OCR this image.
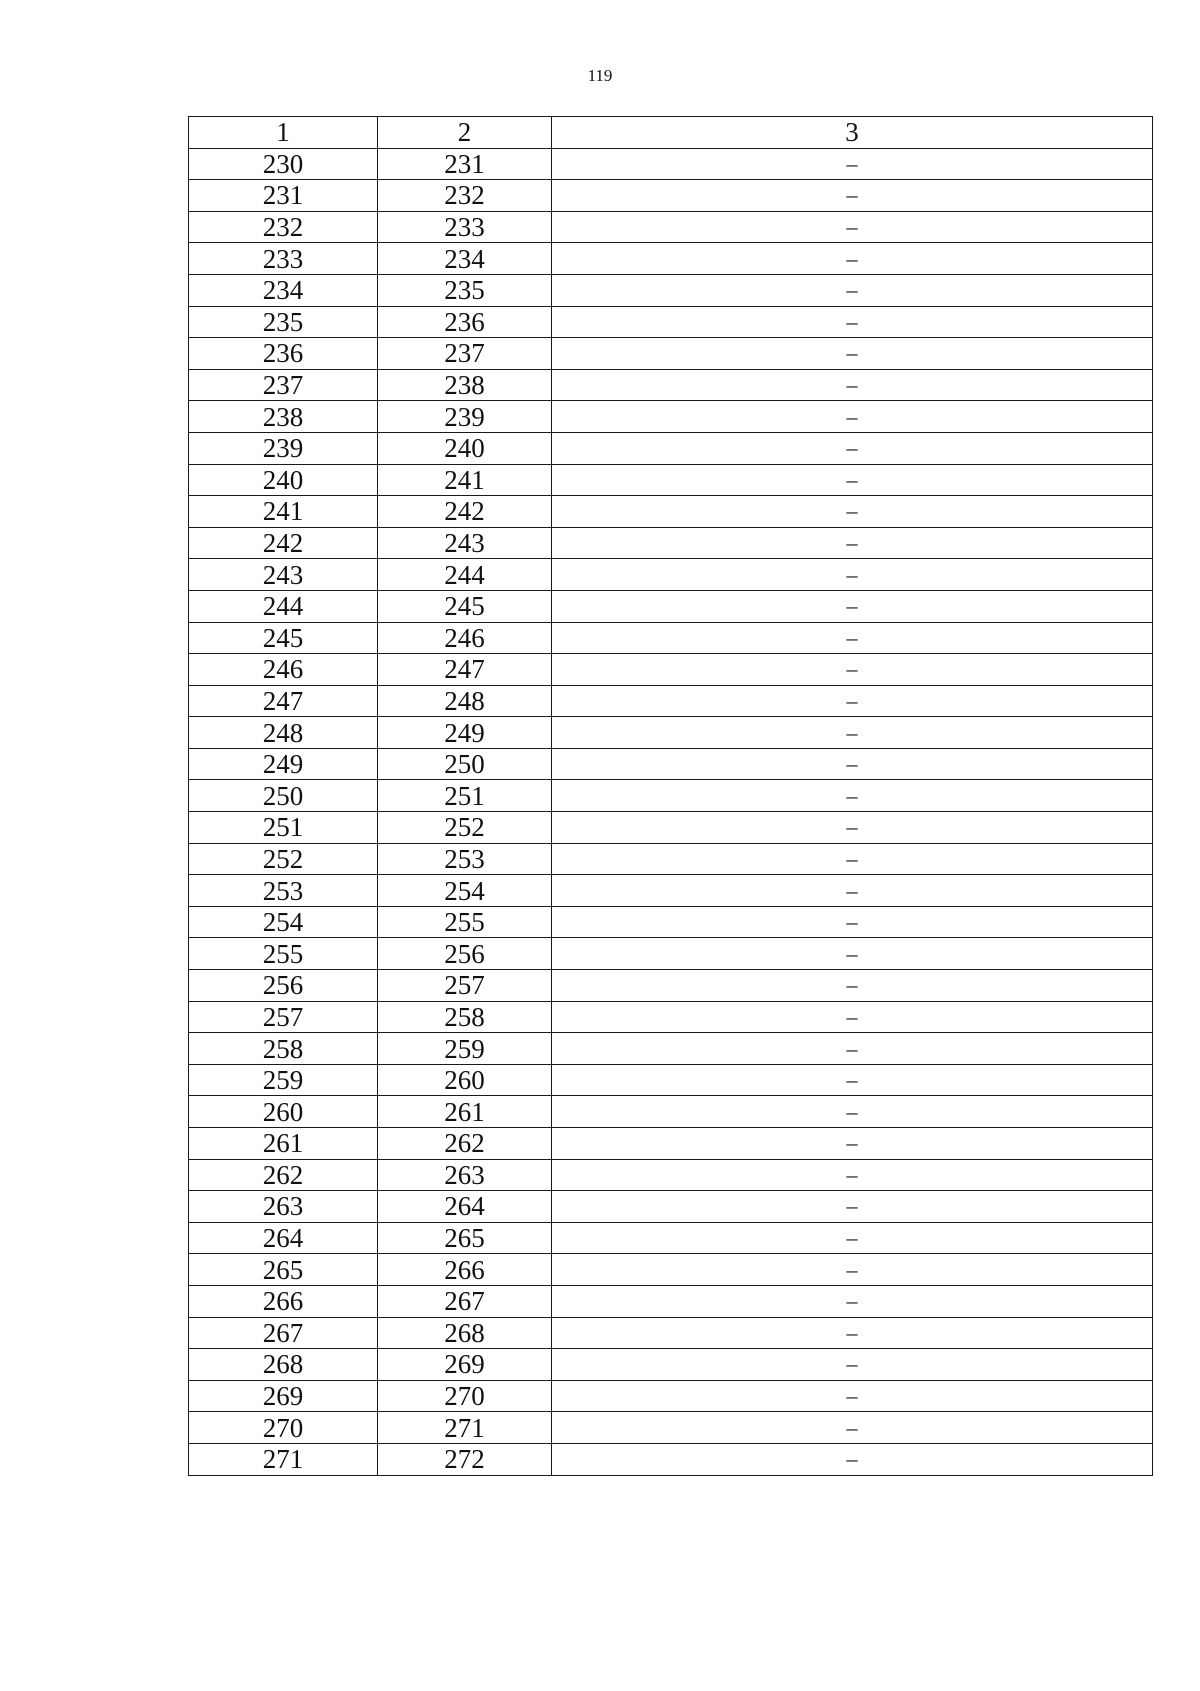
119
1	2	3
230	231	–
231	232	–
232	233	–
233	234	–
234	235	–
235	236	–
236	237	–
237	238	–
238	239	–
239	240	–
240	241	–
241	242	–
242	243	–
243	244	–
244	245	–
245	246	–
246	247	–
247	248	–
248	249	–
249	250	–
250	251	–
251	252	–
252	253	–
253	254	–
254	255	–
255	256	–
256	257	–
257	258	–
258	259	–
259	260	–
260	261	–
261	262	–
262	263	–
263	264	–
264	265	–
265	266	–
266	267	–
267	268	–
268	269	–
269	270	–
270	271	–
271	272	–
